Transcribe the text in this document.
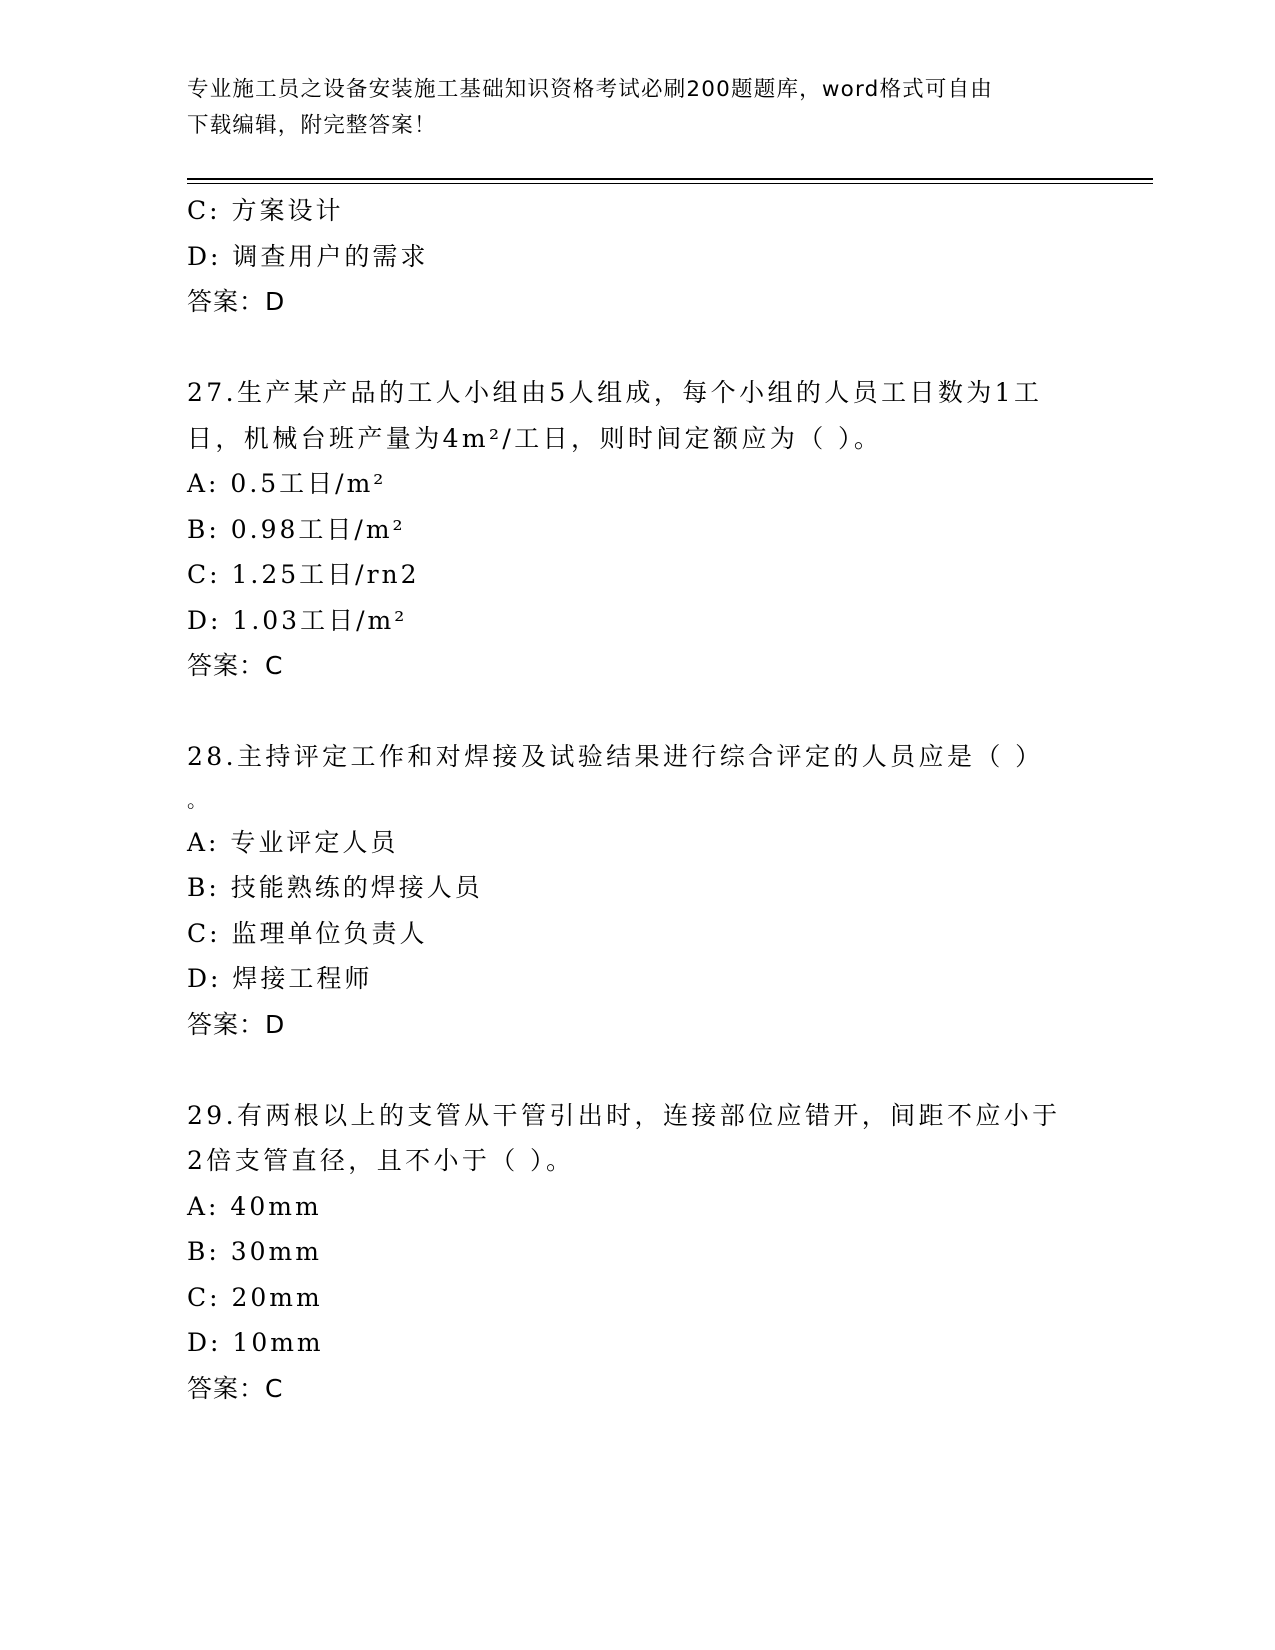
专业施工员之设备安装施工基础知识资格考试必刷200题题库，word格式可自由
下载编辑，附完整答案！
C: 方案设计
D: 调查用户的需求
答案：D
27.生产某产品的工人小组由5人组成，每个小组的人员工日数为1工
日，机械台班产量为4m²/工日，则时间定额应为（ ）。
A: 0.5工日/m²
B: 0.98工日/m²
C: 1.25工日/rn2
D: 1.03工日/m²
答案：C
28.主持评定工作和对焊接及试验结果进行综合评定的人员应是（ ）
。
A: 专业评定人员
B: 技能熟练的焊接人员
C: 监理单位负责人
D: 焊接工程师
答案：D
29.有两根以上的支管从干管引出时，连接部位应错开，间距不应小于
2倍支管直径，且不小于（ ）。
A: 40mm
B: 30mm
C: 20mm
D: 10mm
答案：C
